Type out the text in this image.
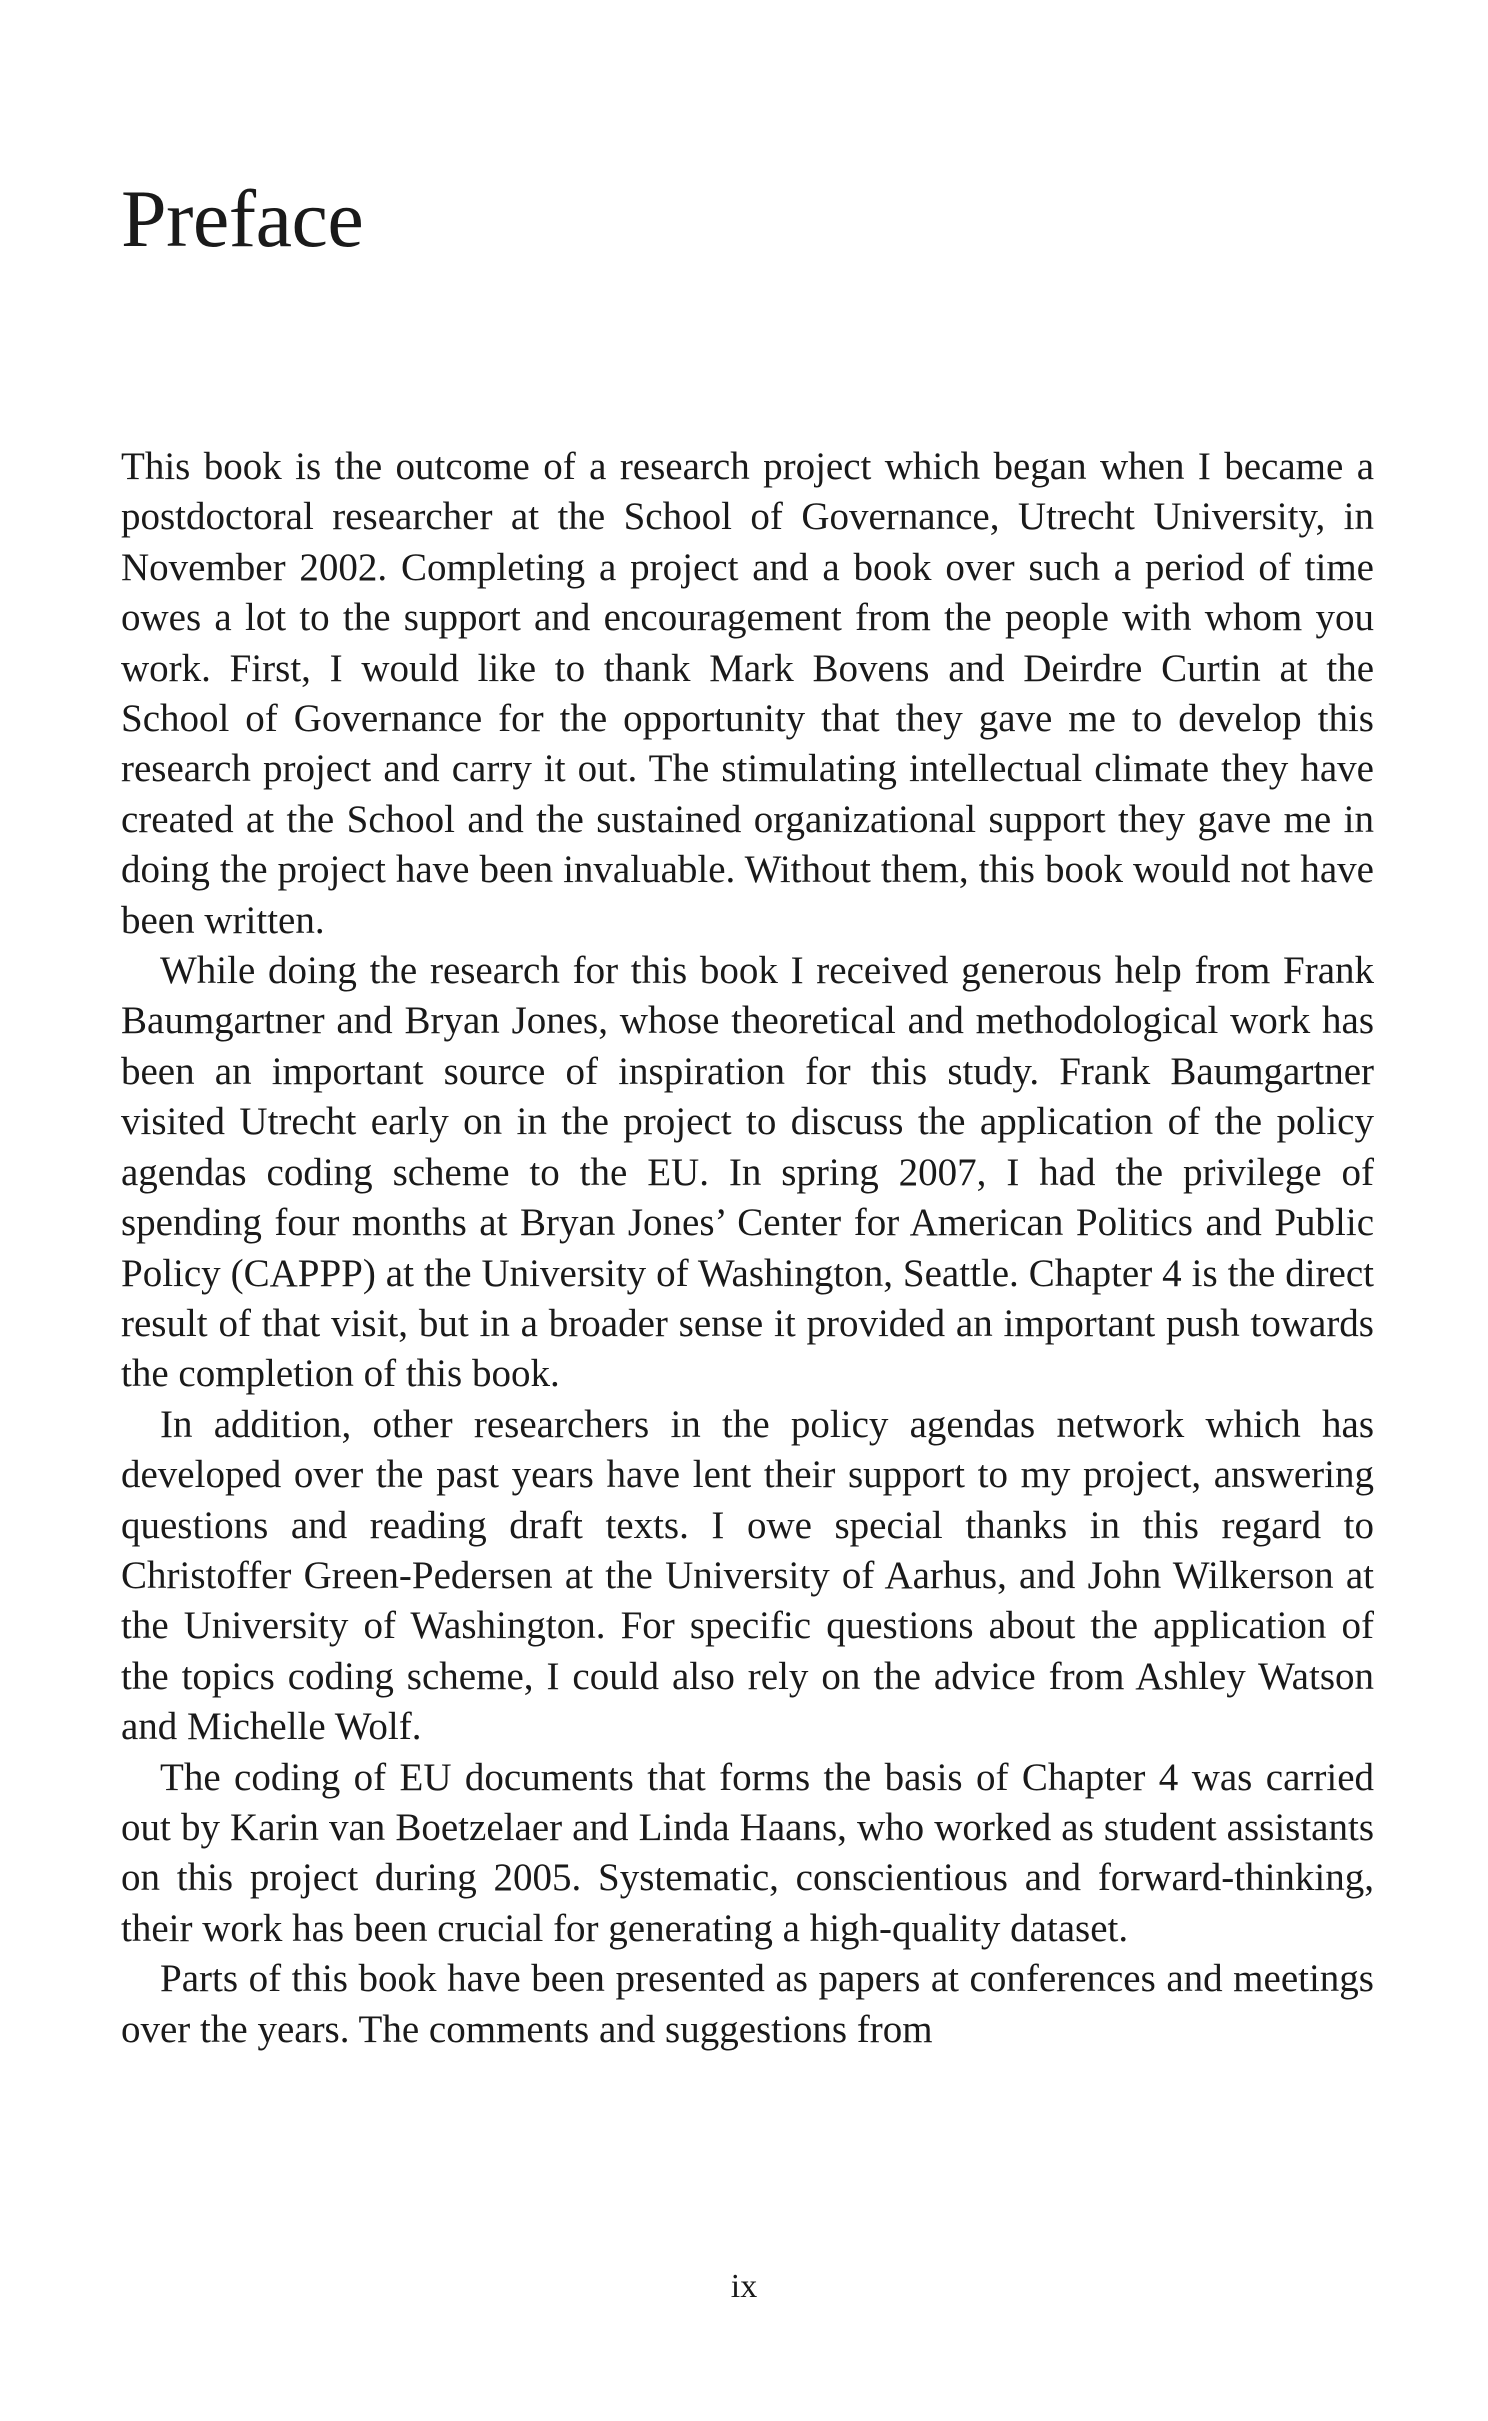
Preface

This book is the outcome of a research project which began when I became a postdoctoral researcher at the School of Governance, Utrecht University, in November 2002. Completing a project and a book over such a period of time owes a lot to the support and encouragement from the people with whom you work. First, I would like to thank Mark Bovens and Deirdre Curtin at the School of Governance for the opportunity that they gave me to develop this research project and carry it out. The stimulating intellectual climate they have created at the School and the sustained organizational support they gave me in doing the project have been invaluable. Without them, this book would not have been written.

While doing the research for this book I received generous help from Frank Baumgartner and Bryan Jones, whose theoretical and methodological work has been an important source of inspiration for this study. Frank Baumgartner visited Utrecht early on in the project to discuss the application of the policy agendas coding scheme to the EU. In spring 2007, I had the privilege of spending four months at Bryan Jones’ Center for American Politics and Public Policy (CAPPP) at the University of Washington, Seattle. Chapter 4 is the direct result of that visit, but in a broader sense it provided an important push towards the completion of this book.

In addition, other researchers in the policy agendas network which has developed over the past years have lent their support to my project, answering questions and reading draft texts. I owe special thanks in this regard to Christoffer Green-Pedersen at the University of Aarhus, and John Wilkerson at the University of Washington. For specific questions about the application of the topics coding scheme, I could also rely on the advice from Ashley Watson and Michelle Wolf.

The coding of EU documents that forms the basis of Chapter 4 was carried out by Karin van Boetzelaer and Linda Haans, who worked as student assistants on this project during 2005. Systematic, conscientious and forward-thinking, their work has been crucial for generating a high-quality dataset.

Parts of this book have been presented as papers at conferences and meetings over the years. The comments and suggestions from

ix
